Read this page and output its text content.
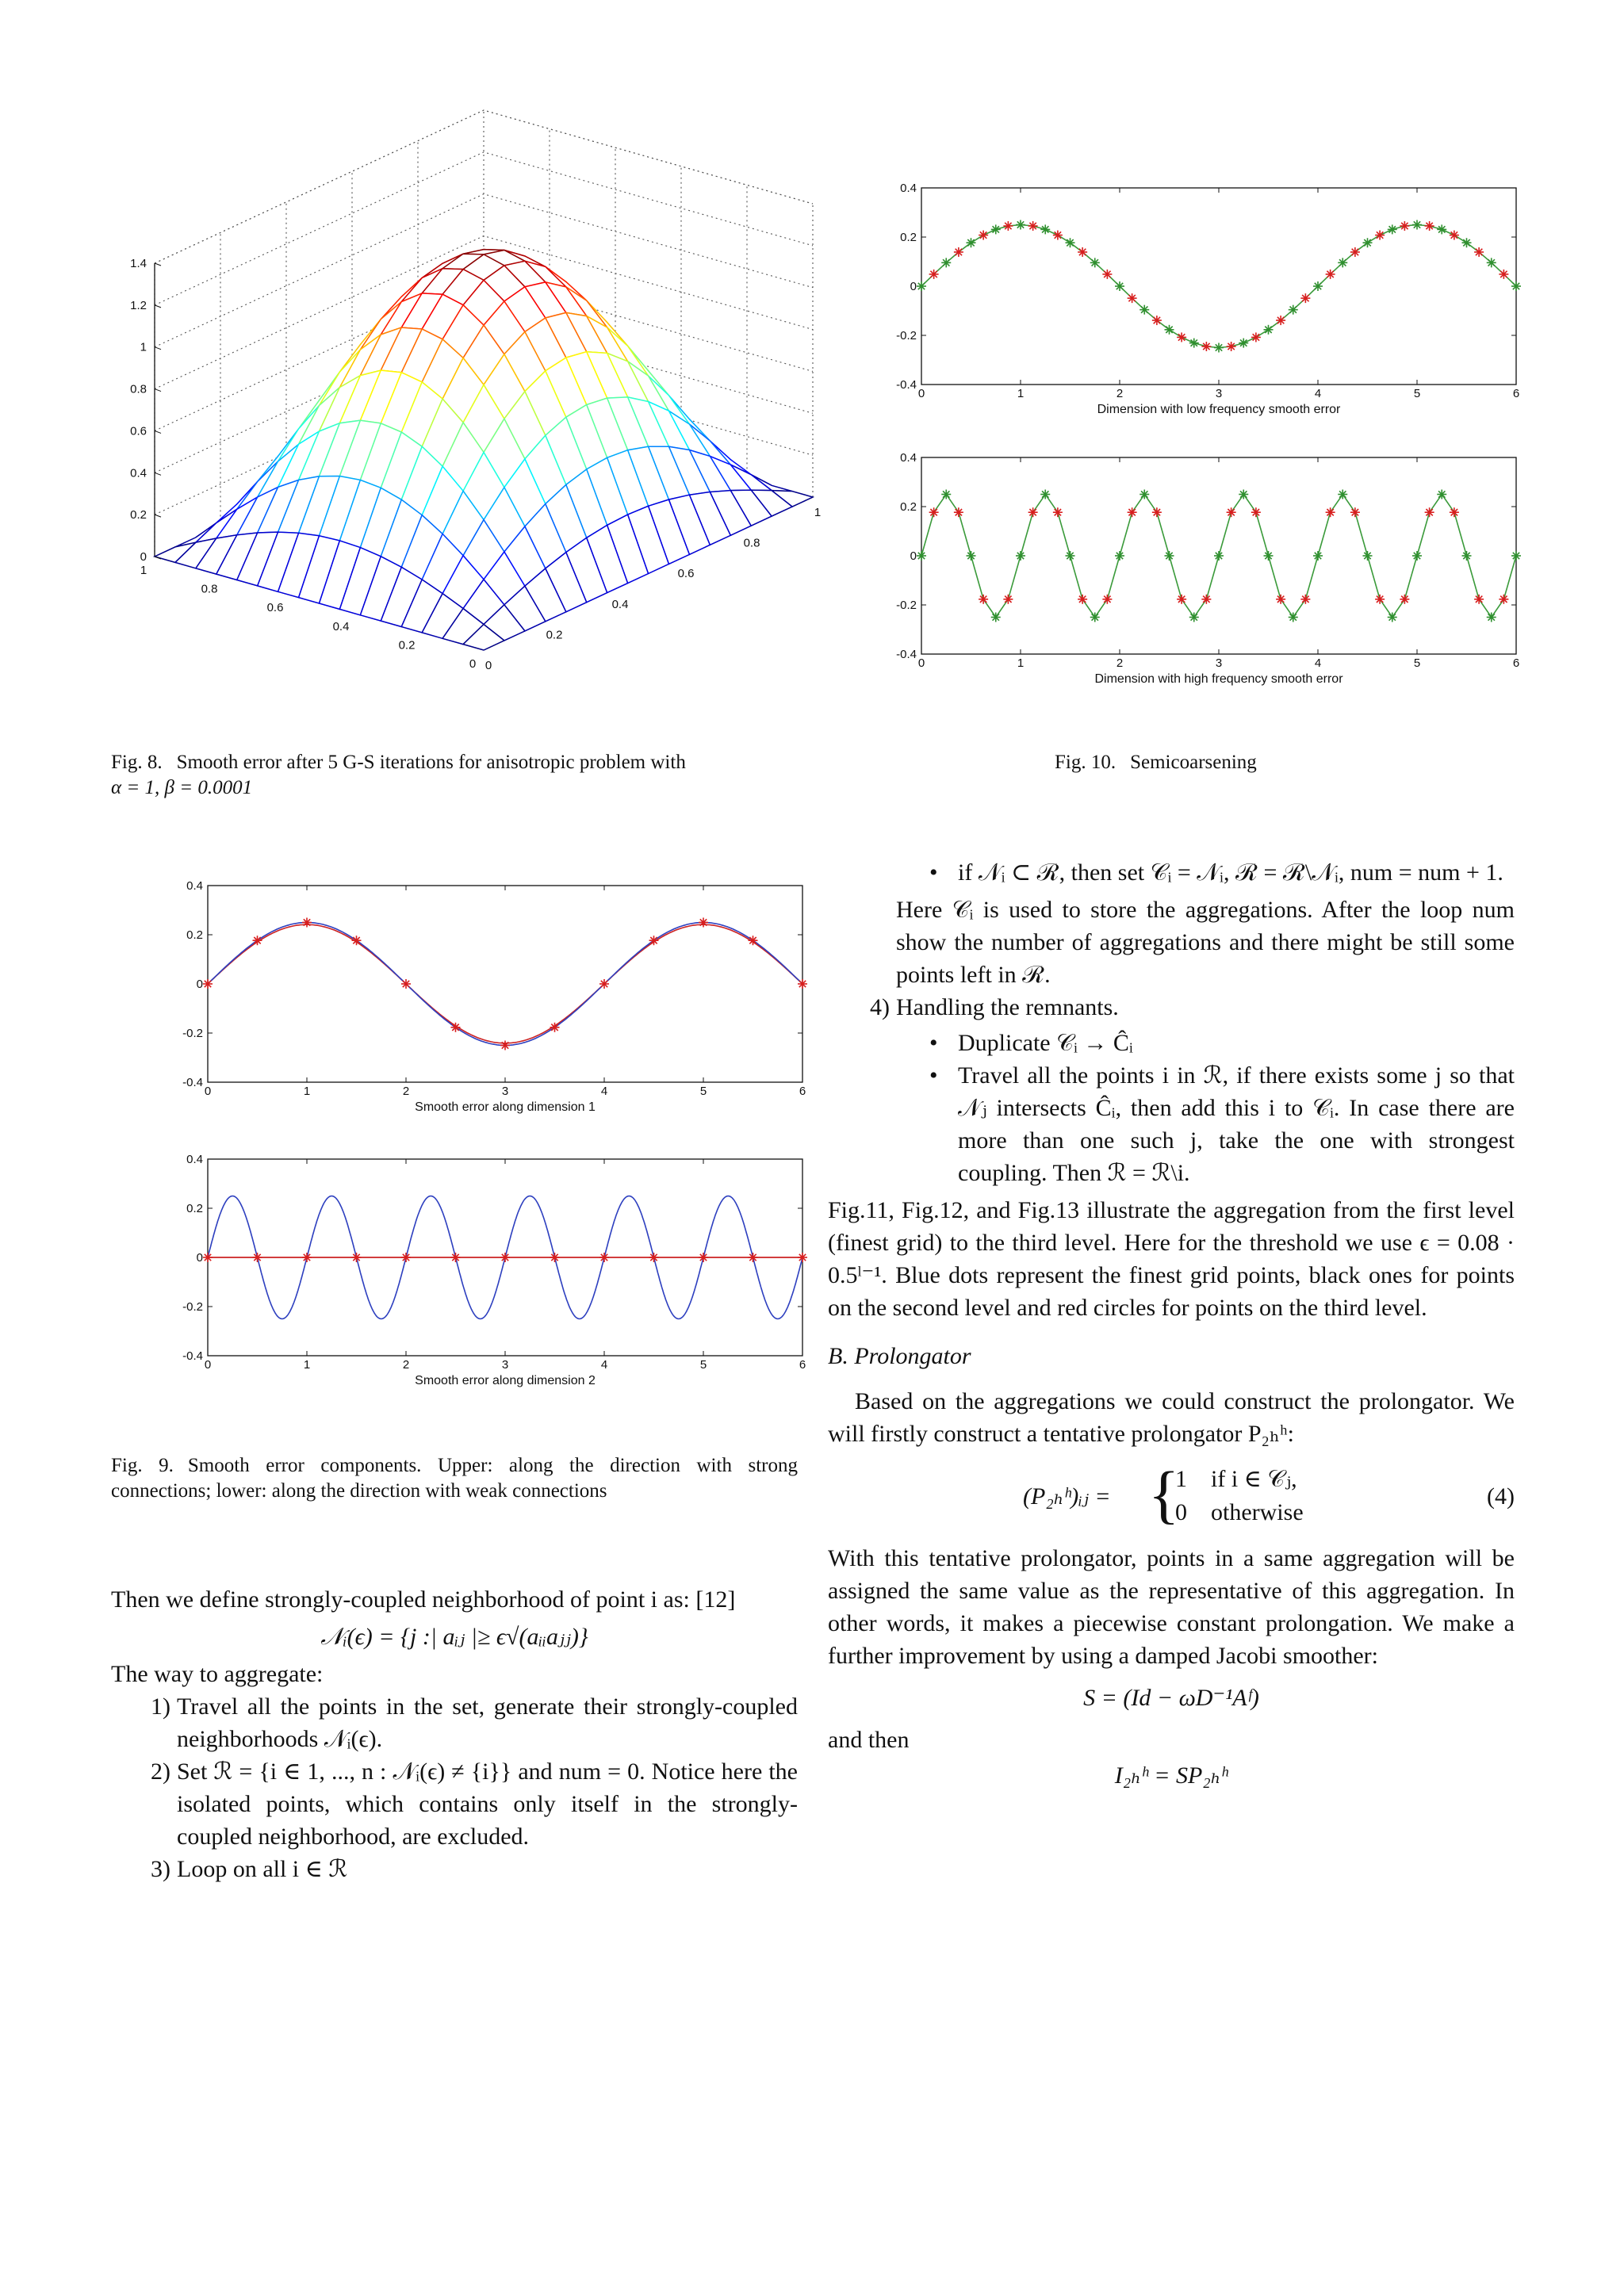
0
0.2
0.4
0.6
0.8
1
1.2
1.4
0
0.2
0.4
0.6
0.8
1
0
0.2
0.4
0.6
0.8
1
0	1	2	3	4	5	6
0.4
0.2
0
-0.2
-0.4
Dimension with low frequency smooth error
0	1	2	3	4	5	6
0.4
0.2
0
-0.2
-0.4
Dimension with high frequency smooth error
0	1	2	3	4	5	6
0.4
0.2
0
-0.2
-0.4
Smooth error along dimension 1
0	1	2	3	4	5	6
0.4
0.2
0
-0.2
-0.4
Smooth error along dimension 2
Fig. 8. Smooth error after 5 G-S iterations for anisotropic problem with
α = 1, β = 0.0001
Fig. 10. Semicoarsening
Fig. 9. Smooth error components. Upper: along the direction with strong connections; lower: along the direction with weak connections
Then we define strongly-coupled neighborhood of point i as: [12]
𝒩ᵢ(ϵ) = {j :| aᵢⱼ |≥ ϵ√(aᵢᵢaⱼⱼ)}
The way to aggregate:
1) Travel all the points in the set, generate their strongly-coupled neighborhoods 𝒩ᵢ(ϵ).
2) Set ℛ = {i ∈ 1, ..., n : 𝒩ᵢ(ϵ) ≠ {i}} and num = 0. Notice here the isolated points, which contains only itself in the strongly-coupled neighborhood, are excluded.
3) Loop on all i ∈ ℛ
• if 𝒩ᵢ ⊂ ℛ, then set 𝒞ᵢ = 𝒩ᵢ, ℛ = ℛ\𝒩ᵢ, num = num + 1.
Here 𝒞ᵢ is used to store the aggregations. After the loop num show the number of aggregations and there might be still some points left in ℛ.
4) Handling the remnants.
• Duplicate 𝒞ᵢ → Ĉᵢ
• Travel all the points i in ℛ, if there exists some j so that 𝒩ⱼ intersects Ĉᵢ, then add this i to 𝒞ᵢ. In case there are more than one such j, take the one with strongest coupling. Then ℛ = ℛ\i.
Fig.11, Fig.12, and Fig.13 illustrate the aggregation from the first level (finest grid) to the third level. Here for the threshold we use ϵ = 0.08 · 0.5ˡ⁻¹. Blue dots represent the finest grid points, black ones for points on the second level and red circles for points on the third level.
B. Prolongator
Based on the aggregations we could construct the prolongator. We will firstly construct a tentative prolongator P₂ₕʰ:
(P₂ₕʰ)ᵢⱼ = {
1    if i ∈ 𝒞ⱼ,
0    otherwise
(4)
With this tentative prolongator, points in a same aggregation will be assigned the same value as the representative of this aggregation. In other words, it makes a piecewise constant prolongation. We make a further improvement by using a damped Jacobi smoother:
S = (Id − ωD⁻¹Aᶠ)
and then
I₂ₕʰ = SP₂ₕʰ
